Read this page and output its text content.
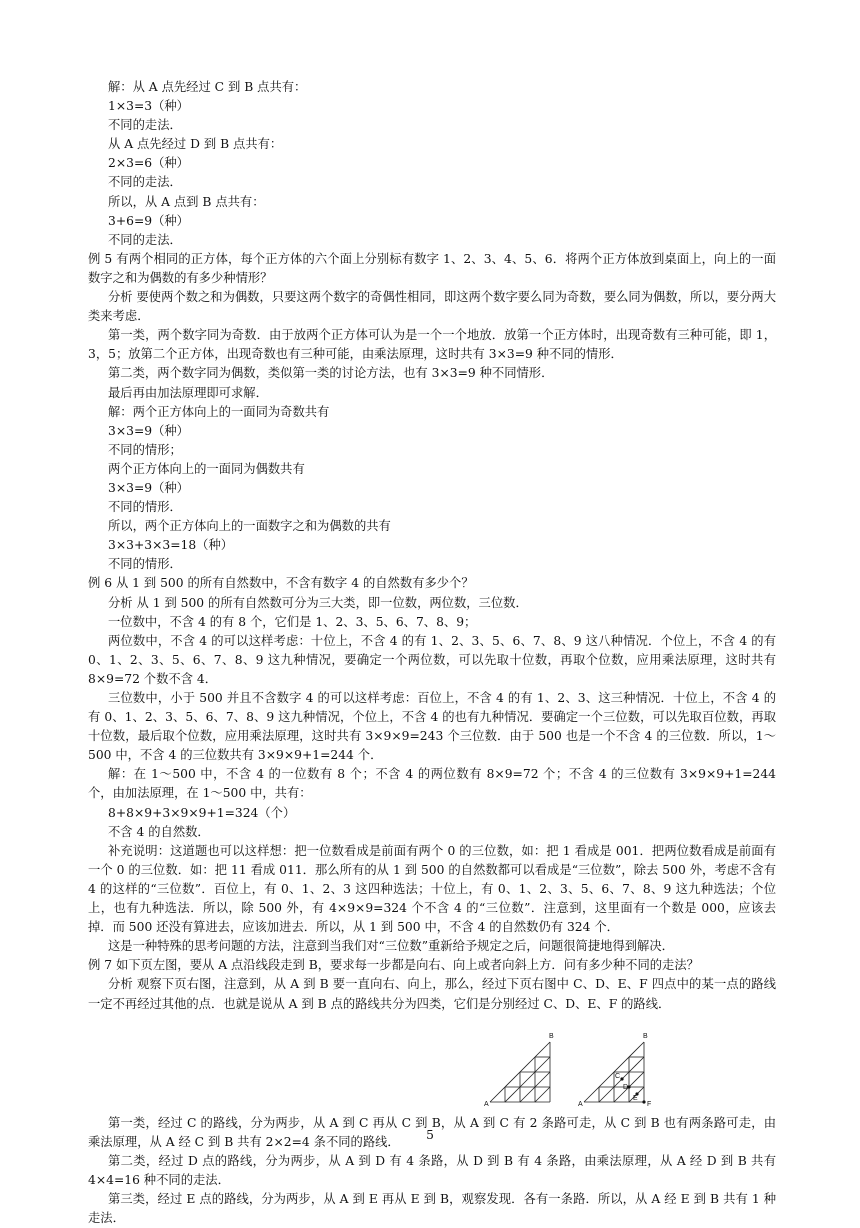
解：从 A 点先经过 C 到 B 点共有：
1×3=3（种）
不同的走法．
从 A 点先经过 D 到 B 点共有：
2×3=6（种）
不同的走法．
所以，从 A 点到 B 点共有：
3+6=9（种）
不同的走法．
例 5 有两个相同的正方体，每个正方体的六个面上分别标有数字 1、2、3、4、5、6．将两个正方体放到桌面上，向上的一面数字之和为偶数的有多少种情形？
分析 要使两个数之和为偶数，只要这两个数字的奇偶性相同，即这两个数字要么同为奇数，要么同为偶数，所以，要分两大类来考虑．
第一类，两个数字同为奇数．由于放两个正方体可认为是一个一个地放．放第一个正方体时，出现奇数有三种可能，即 1，3，5；放第二个正方体，出现奇数也有三种可能，由乘法原理，这时共有 3×3=9 种不同的情形．
第二类，两个数字同为偶数，类似第一类的讨论方法，也有 3×3=9 种不同情形．
最后再由加法原理即可求解．
解：两个正方体向上的一面同为奇数共有
3×3=9（种）
不同的情形；
两个正方体向上的一面同为偶数共有
3×3=9（种）
不同的情形．
所以，两个正方体向上的一面数字之和为偶数的共有
3×3+3×3=18（种）
不同的情形．
例 6 从 1 到 500 的所有自然数中，不含有数字 4 的自然数有多少个？
分析 从 1 到 500 的所有自然数可分为三大类，即一位数，两位数，三位数．
一位数中，不含 4 的有 8 个，它们是 1、2、3、5、6、7、8、9；
两位数中，不含 4 的可以这样考虑：十位上，不含 4 的有 1、2、3、5、6、7、8、9 这八种情况．个位上，不含 4 的有 0、1、2、3、5、6、7、8、9 这九种情况，要确定一个两位数，可以先取十位数，再取个位数，应用乘法原理，这时共有 8×9=72 个数不含 4．
三位数中，小于 500 并且不含数字 4 的可以这样考虑：百位上，不含 4 的有 1、2、3、这三种情况．十位上，不含 4 的有 0、1、2、3、5、6、7、8、9 这九种情况，个位上，不含 4 的也有九种情况．要确定一个三位数，可以先取百位数，再取十位数，最后取个位数，应用乘法原理，这时共有 3×9×9=243 个三位数．由于 500 也是一个不含 4 的三位数．所以，1～500 中，不含 4 的三位数共有 3×9×9+1=244 个．
解：在 1～500 中，不含 4 的一位数有 8 个；不含 4 的两位数有 8×9=72 个；不含 4 的三位数有 3×9×9+1=244 个，由加法原理，在 1～500 中，共有：
8+8×9+3×9×9+1=324（个）
不含 4 的自然数．
补充说明：这道题也可以这样想：把一位数看成是前面有两个 0 的三位数，如：把 1 看成是 001．把两位数看成是前面有一个 0 的三位数．如：把 11 看成 011．那么所有的从 1 到 500 的自然数都可以看成是“三位数”，除去 500 外，考虑不含有 4 的这样的“三位数”．百位上，有 0、1、2、3 这四种选法；十位上，有 0、1、2、3、5、6、7、8、9 这九种选法；个位上，也有九种选法．所以，除 500 外，有 4×9×9=324 个不含 4 的“三位数”．注意到，这里面有一个数是 000，应该去掉．而 500 还没有算进去，应该加进去．所以，从 1 到 500 中，不含 4 的自然数仍有 324 个．
这是一种特殊的思考问题的方法，注意到当我们对“三位数”重新给予规定之后，问题很简捷地得到解决．
例 7 如下页左图，要从 A 点沿线段走到 B，要求每一步都是向右、向上或者向斜上方．问有多少种不同的走法？
分析 观察下页右图，注意到，从 A 到 B 要一直向右、向上，那么，经过下页右图中 C、D、E、F 四点中的某一点的路线一定不再经过其他的点．也就是说从 A 到 B 点的路线共分为四类，它们是分别经过 C、D、E、F 的路线．
A
B
A
B
C
D
E
F
第一类，经过 C 的路线，分为两步，从 A 到 C 再从 C 到 B，从 A 到 C 有 2 条路可走，从 C 到 B 也有两条路可走，由乘法原理，从 A 经 C 到 B 共有 2×2=4 条不同的路线．
第二类，经过 D 点的路线，分为两步，从 A 到 D 有 4 条路，从 D 到 B 有 4 条路，由乘法原理，从 A 经 D 到 B 共有 4×4=16 种不同的走法．
第三类，经过 E 点的路线，分为两步，从 A 到 E 再从 E 到 B，观察发现．各有一条路．所以，从 A 经 E 到 B 共有 1 种走法．
5
